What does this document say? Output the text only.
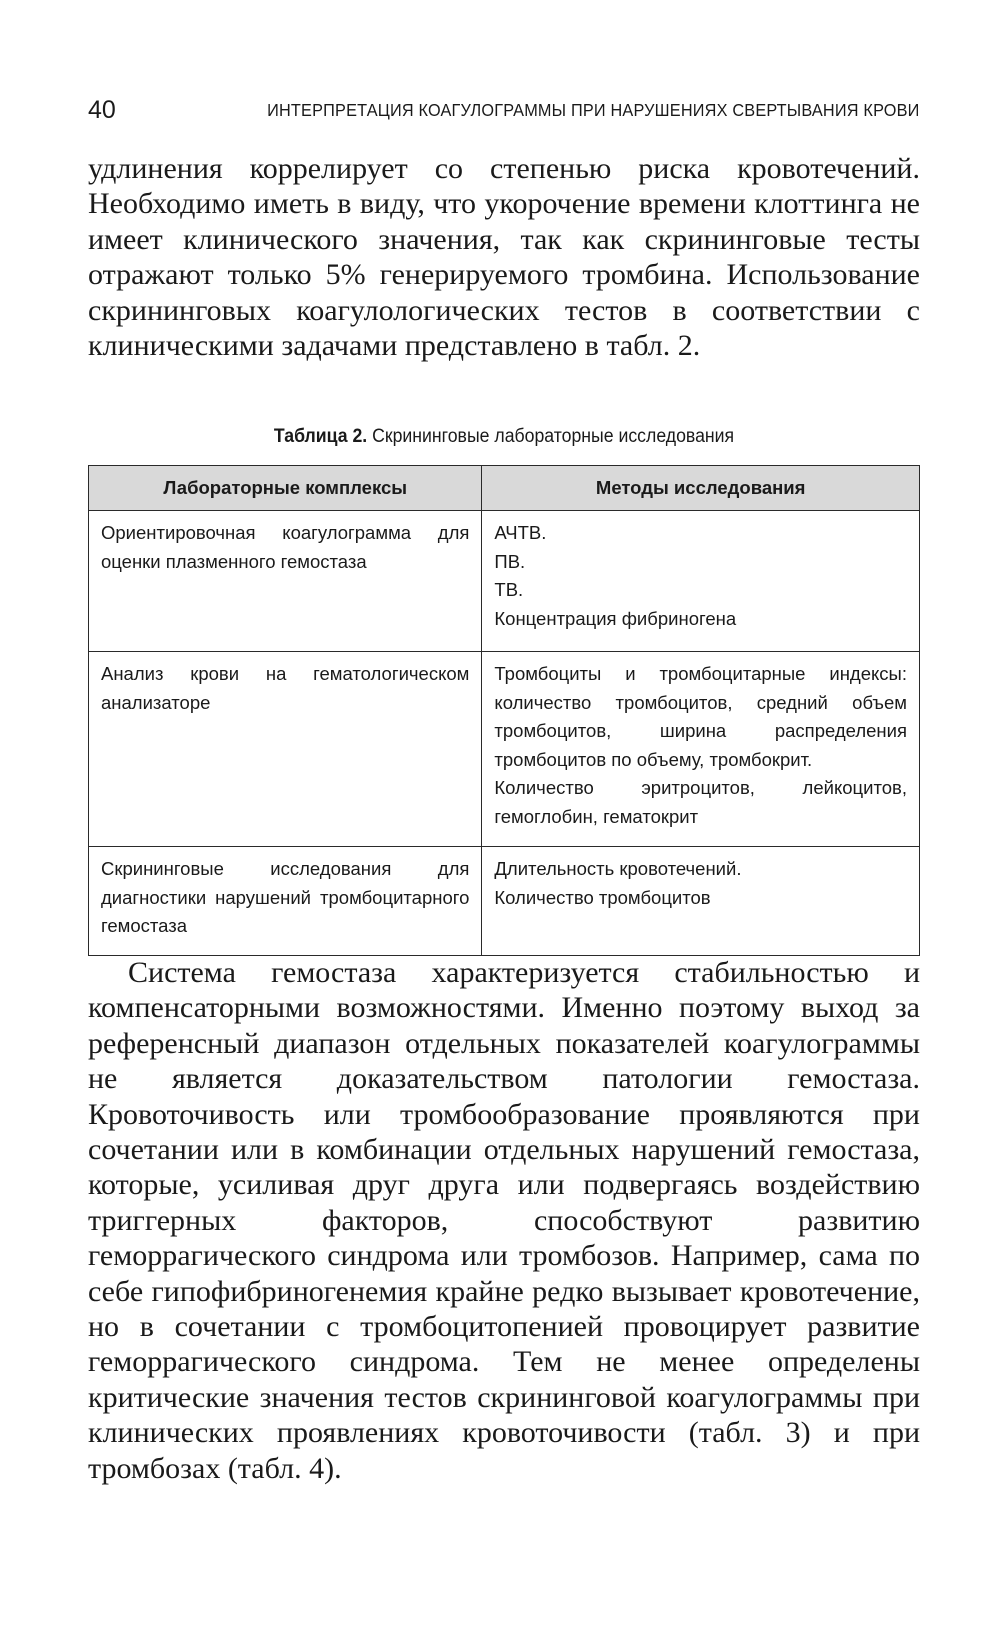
40	ИНТЕРПРЕТАЦИЯ КОАГУЛОГРАММЫ ПРИ НАРУШЕНИЯХ СВЕРТЫВАНИЯ КРОВИ

удлинения коррелирует со степенью риска кровотечений. Необходимо иметь в виду, что укорочение времени клоттинга не имеет клинического значения, так как скрининговые тесты отражают только 5% генерируемого тромбина. Использование скрининговых коагулологических тестов в соответствии с клиническими задачами представлено в табл. 2.

Таблица 2. Скрининговые лабораторные исследования
Лабораторные комплексы	Методы исследования
Ориентировочная коагулограмма для оценки плазменного гемостаза	АЧТВ.
ПВ.
ТВ.
Концентрация фибриногена

Анализ крови на гематологическом анализаторе	Тромбоциты и тромбоцитарные индексы: количество тромбоцитов, средний объем тромбоцитов, ширина распределения тромбоцитов по объему, тромбокрит.
Количество эритроцитов, лейкоцитов, гемоглобин, гематокрит

Скрининговые исследования для диагностики нарушений тромбоцитарного гемостаза	Длительность кровотечений.
Количество тромбоцитов

Система гемостаза характеризуется стабильностью и компенсаторными возможностями. Именно поэтому выход за референсный диапазон отдельных показателей коагулограммы не является доказательством патологии гемостаза. Кровоточивость или тромбообразование проявляются при сочетании или в комбинации отдельных нарушений гемостаза, которые, усиливая друг друга или подвергаясь воздействию триггерных факторов, способствуют развитию геморрагического синдрома или тромбозов. Например, сама по себе гипофибриногенемия крайне редко вызывает кровотечение, но в сочетании с тромбоцитопенией провоцирует развитие геморрагического синдрома. Тем не менее определены критические значения тестов скрининговой коагулограммы при клинических проявлениях кровоточивости (табл. 3) и при тромбозах (табл. 4).
